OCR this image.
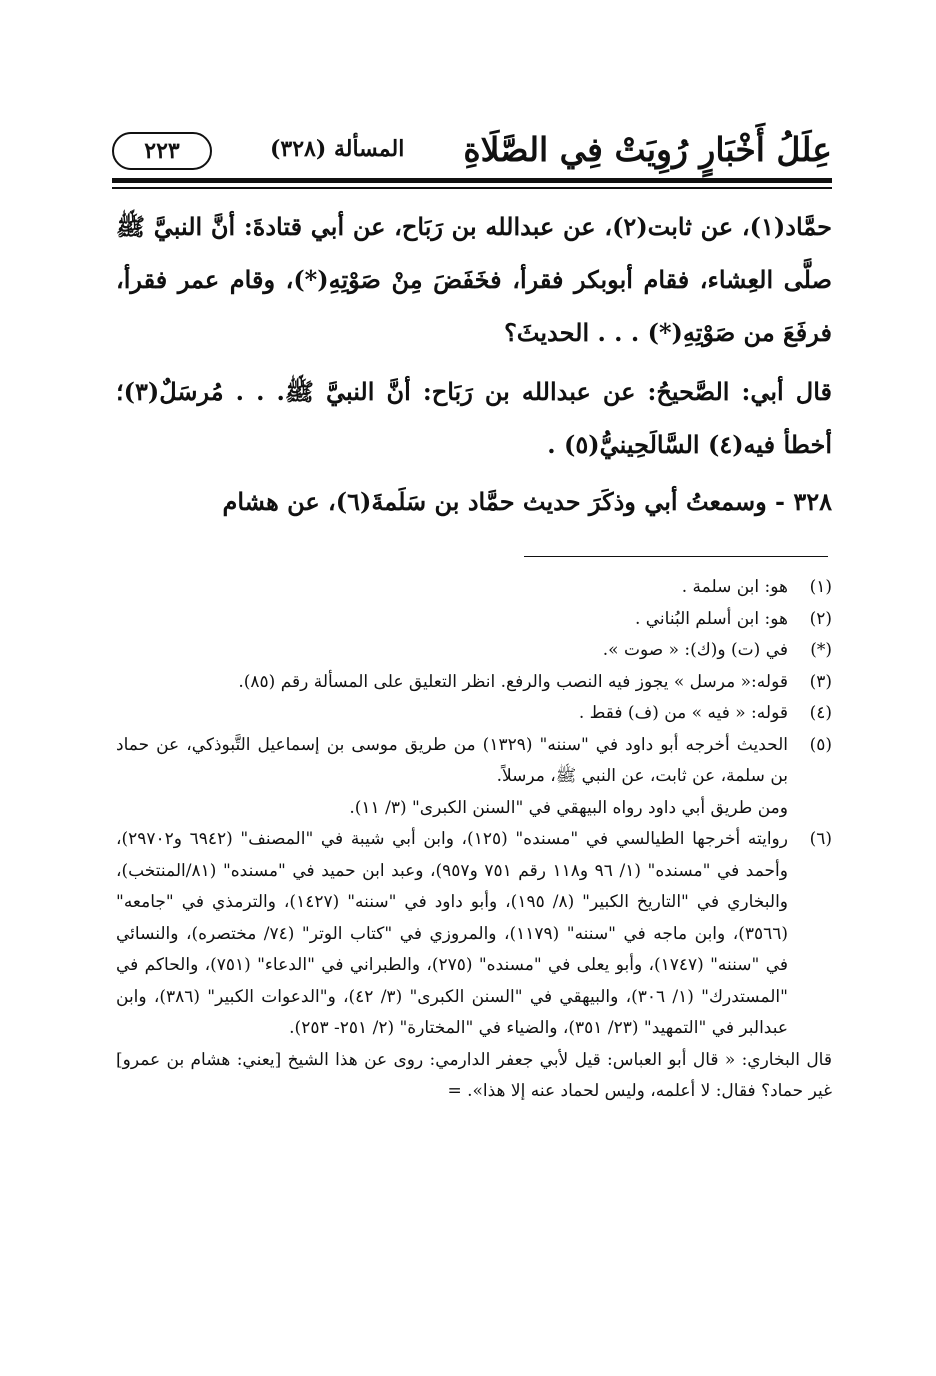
عِلَلُ أَخْبَارٍ رُوِيَتْ فِي الصَّلَاةِ
المسألة (٣٢٨)
٢٢٣

حمَّاد(١)، عن ثابت(٢)، عن عبدالله بن رَبَاح، عن أبي قتادةَ: أنَّ النبيَّ ﷺ صلَّى العِشاء، فقام أبوبكر فقرأ، فخَفَضَ مِنْ صَوْتِهِ(*)، وقام عمر فقرأ، فرفَعَ من صَوْتِهِ(*) . . . الحديثَ؟

قال أبي: الصَّحيحُ: عن عبدالله بن رَبَاح: أنَّ النبيَّ ﷺ. . . مُرسَلٌ(٣)؛ أخطأ فيه(٤) السَّالَحِينيُّ(٥) .

٣٢٨ - وسمعتُ أبي وذكَرَ حديث حمَّاد بن سَلَمةَ(٦)، عن هشام

(١)

هو: ابن سلمة .

(٢)

هو: ابن أسلم البُناني .

(*)

في (ت) و(ك): « صوت ».

(٣)

قوله:« مرسل » يجوز فيه النصب والرفع. انظر التعليق على المسألة رقم (٨٥).

(٤)

قوله: « فيه » من (ف) فقط .

(٥)

الحديث أخرجه أبو داود في "سننه" (١٣٢٩) من طريق موسى بن إسماعيل التَّبوذكي، عن حماد بن سلمة، عن ثابت، عن النبي ﷺ، مرسلاً.

ومن طريق أبي داود رواه البيهقي في "السنن الكبرى" (٣/ ١١).

(٦)

روايته أخرجها الطيالسي في "مسنده" (١٢٥)، وابن أبي شيبة في "المصنف" (٦٩٤٢ و٢٩٧٠٢)، وأحمد في "مسنده" (١/ ٩٦ و١١٨ رقم ٧٥١ و٩٥٧)، وعبد ابن حميد في "مسنده" (٨١/المنتخب)، والبخاري في "التاريخ الكبير" (٨/ ١٩٥)، وأبو داود في "سننه" (١٤٢٧)، والترمذي في "جامعه" (٣٥٦٦)، وابن ماجه في "سننه" (١١٧٩)، والمروزي في "كتاب الوتر" (٧٤/ مختصره)، والنسائي في "سننه" (١٧٤٧)، وأبو يعلى في "مسنده" (٢٧٥)، والطبراني في "الدعاء" (٧٥١)، والحاكم في "المستدرك" (١/ ٣٠٦)، والبيهقي في "السنن الكبرى" (٣/ ٤٢)، و"الدعوات الكبير" (٣٨٦)، وابن عبدالبر في "التمهيد" (٢٣/ ٣٥١)، والضياء في "المختارة" (٢/ ٢٥١- ٢٥٣).

قال البخاري: « قال أبو العباس: قيل لأبي جعفر الدارمي: روى عن هذا الشيخ [يعني: هشام بن عمرو] غير حماد؟ فقال: لا أعلمه، وليس لحماد عنه إلا هذا». =
